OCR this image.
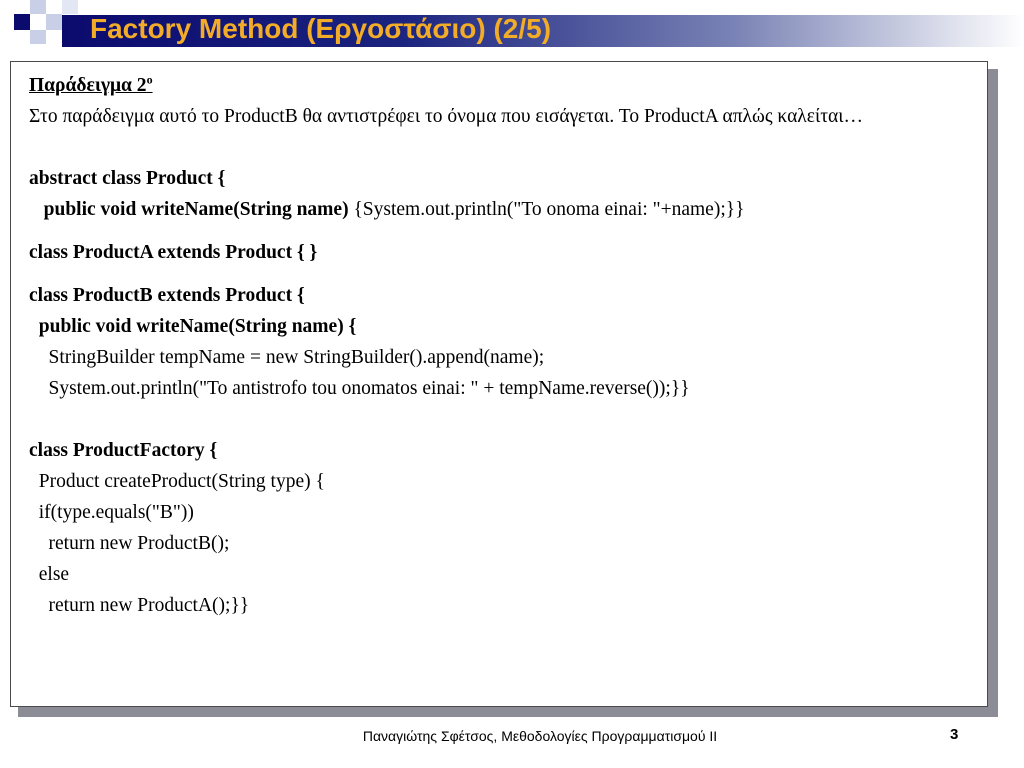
Factory Method (Εργοστάσιο) (2/5)
Παράδειγμα $2^o$
Στο παράδειγμα αυτό το ProductB θα αντιστρέφει το όνομα που εισάγεται. Το ProductA απλώς καλείται…
abstract class Product {
public void writeName(String name) {System.out.println("To onoma einai: "+name);}}
class ProductA extends Product { }
class ProductB extends Product {
public void writeName(String name) {
StringBuilder tempName = new StringBuilder().append(name);
System.out.println("To antistrofo tou onomatos einai: " + tempName.reverse());}}
class ProductFactory {
Product createProduct(String type) {
if(type.equals("B"))
return new ProductB();
else
return new ProductA();}}
Παναγιώτης Σφέτσος, Μεθοδολογίες Προγραμματισμού ΙΙ	3
